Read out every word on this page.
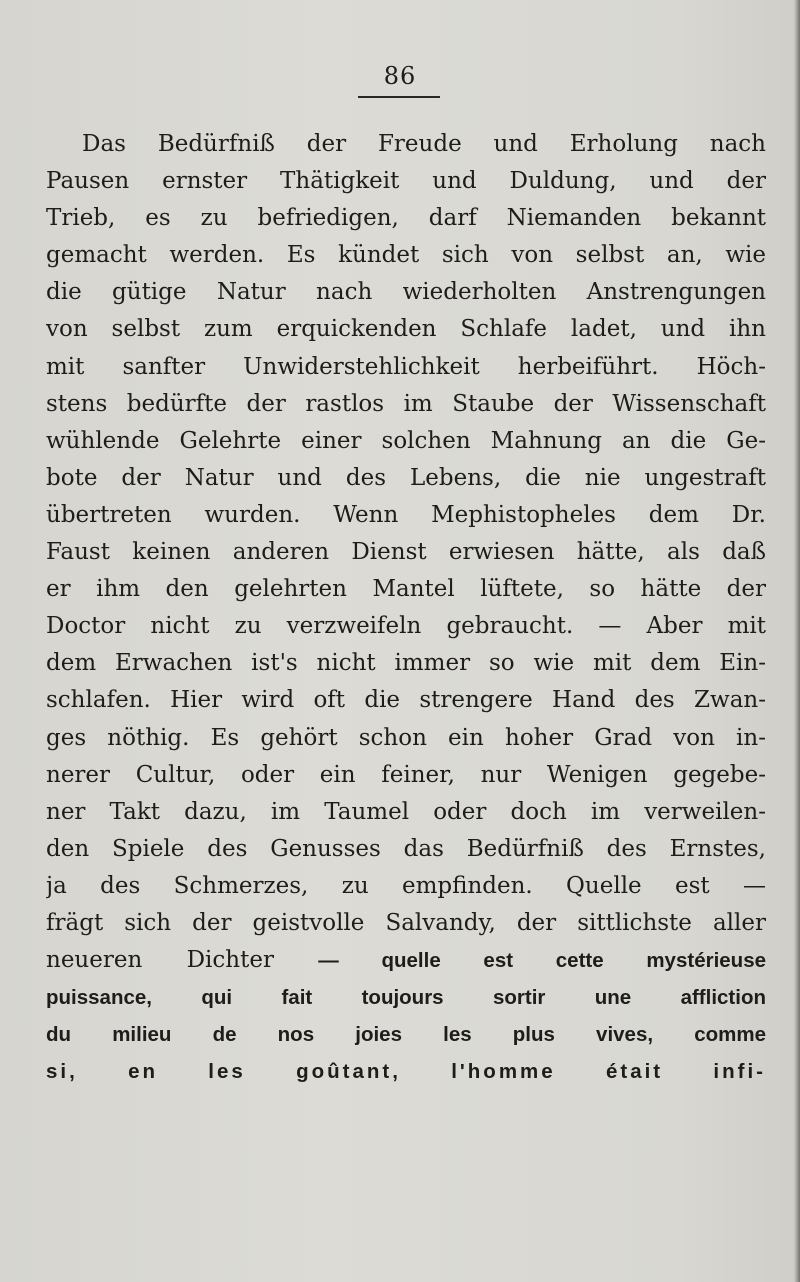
86
Das Bedürfniß der Freude und Erholung nach
Pausen ernster Thätigkeit und Duldung, und der
Trieb, es zu befriedigen, darf Niemanden bekannt
gemacht werden. Es kündet sich von selbst an, wie
die gütige Natur nach wiederholten Anstrengungen
von selbst zum erquickenden Schlafe ladet, und ihn
mit sanfter Unwiderstehlichkeit herbeiführt. Höch-
stens bedürfte der rastlos im Staube der Wissenschaft
wühlende Gelehrte einer solchen Mahnung an die Ge-
bote der Natur und des Lebens, die nie ungestraft
übertreten wurden. Wenn Mephistopheles dem Dr.
Faust keinen anderen Dienst erwiesen hätte, als daß
er ihm den gelehrten Mantel lüftete, so hätte der
Doctor nicht zu verzweifeln gebraucht. — Aber mit
dem Erwachen ist's nicht immer so wie mit dem Ein-
schlafen. Hier wird oft die strengere Hand des Zwan-
ges nöthig. Es gehört schon ein hoher Grad von in-
nerer Cultur, oder ein feiner, nur Wenigen gegebe-
ner Takt dazu, im Taumel oder doch im verweilen-
den Spiele des Genusses das Bedürfniß des Ernstes,
ja des Schmerzes, zu empfinden. Quelle est —
frägt sich der geistvolle Salvandy, der sittlichste aller
neueren Dichter — quelle est cette mystérieuse
puissance, qui fait toujours sortir une affliction
du milieu de nos joies les plus vives, comme
si, en les goûtant, l'homme était infi-
